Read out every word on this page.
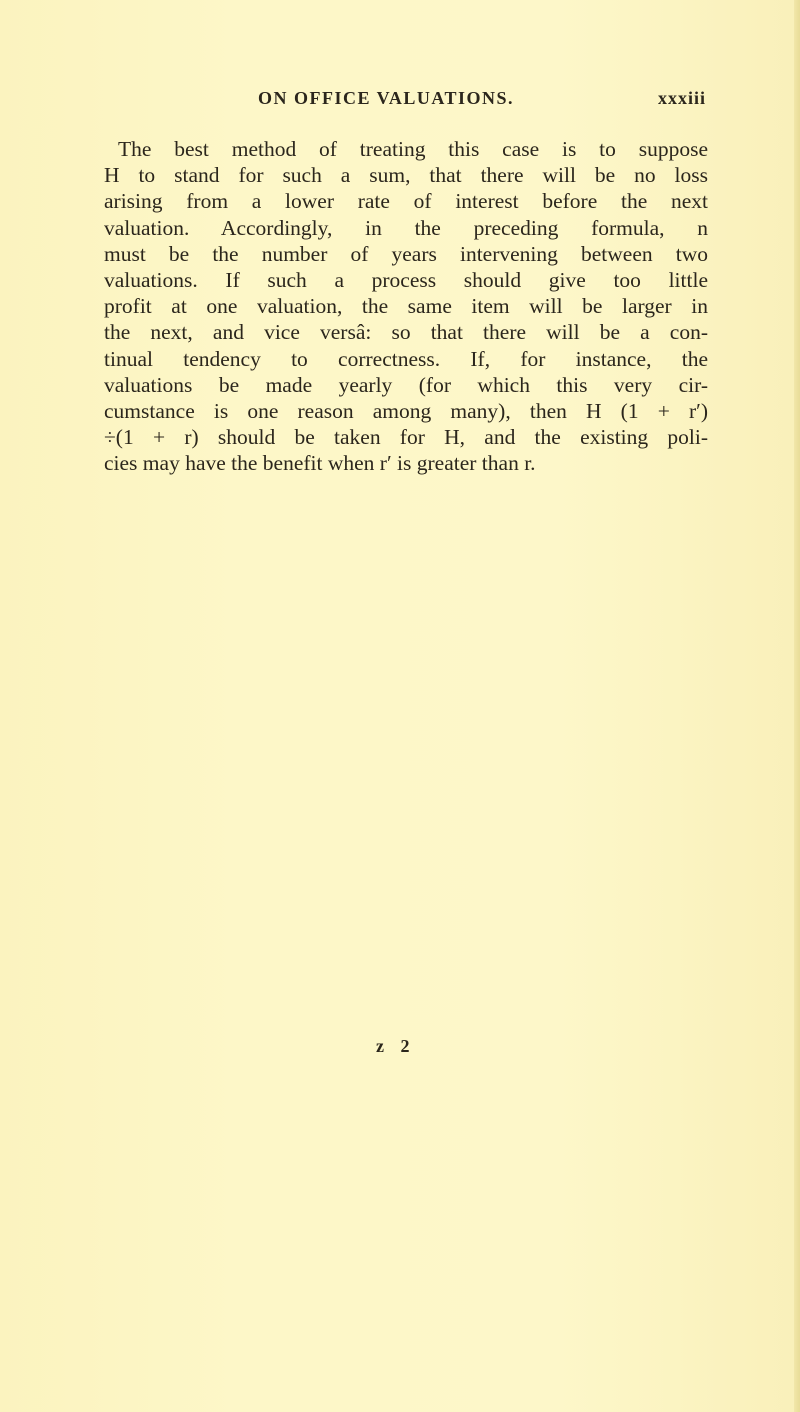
ON OFFICE VALUATIONS.	xxxiii
The best method of treating this case is to suppose
H to stand for such a sum, that there will be no loss
arising from a lower rate of interest before the next
valuation. Accordingly, in the preceding formula, n
must be the number of years intervening between two
valuations. If such a process should give too little
profit at one valuation, the same item will be larger in
the next, and vice versâ: so that there will be a con-
tinual tendency to correctness. If, for instance, the
valuations be made yearly (for which this very cir-
cumstance is one reason among many), then H (1 + r′)
÷(1 + r) should be taken for H, and the existing poli-
cies may have the benefit when r′ is greater than r.
z 2
